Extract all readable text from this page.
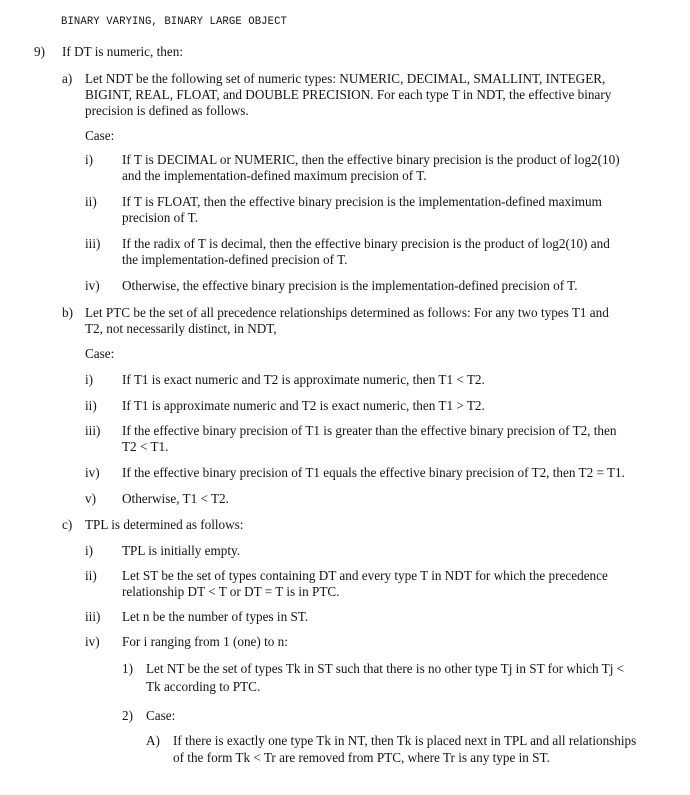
BINARY VARYING, BINARY LARGE OBJECT
9) If DT is numeric, then:
a) Let NDT be the following set of numeric types: NUMERIC, DECIMAL, SMALLINT, INTEGER,
BIGINT, REAL, FLOAT, and DOUBLE PRECISION. For each type T in NDT, the effective binary
precision is defined as follows.
Case:
i) If T is DECIMAL or NUMERIC, then the effective binary precision is the product of log2(10)
and the implementation-defined maximum precision of T.
ii) If T is FLOAT, then the effective binary precision is the implementation-defined maximum
precision of T.
iii) If the radix of T is decimal, then the effective binary precision is the product of log2(10) and
the implementation-defined precision of T.
iv) Otherwise, the effective binary precision is the implementation-defined precision of T.
b) Let PTC be the set of all precedence relationships determined as follows: For any two types T1 and
T2, not necessarily distinct, in NDT,
Case:
i) If T1 is exact numeric and T2 is approximate numeric, then T1 < T2.
ii) If T1 is approximate numeric and T2 is exact numeric, then T1 > T2.
iii) If the effective binary precision of T1 is greater than the effective binary precision of T2, then
T2 < T1.
iv) If the effective binary precision of T1 equals the effective binary precision of T2, then T2 = T1.
v) Otherwise, T1 < T2.
c) TPL is determined as follows:
i) TPL is initially empty.
ii) Let ST be the set of types containing DT and every type T in NDT for which the precedence
relationship DT < T or DT = T is in PTC.
iii) Let n be the number of types in ST.
iv) For i ranging from 1 (one) to n:
1) Let NT be the set of types Tk in ST such that there is no other type Tj in ST for which Tj <
Tk according to PTC.
2) Case:
A) If there is exactly one type Tk in NT, then Tk is placed next in TPL and all relationships
of the form Tk < Tr are removed from PTC, where Tr is any type in ST.
